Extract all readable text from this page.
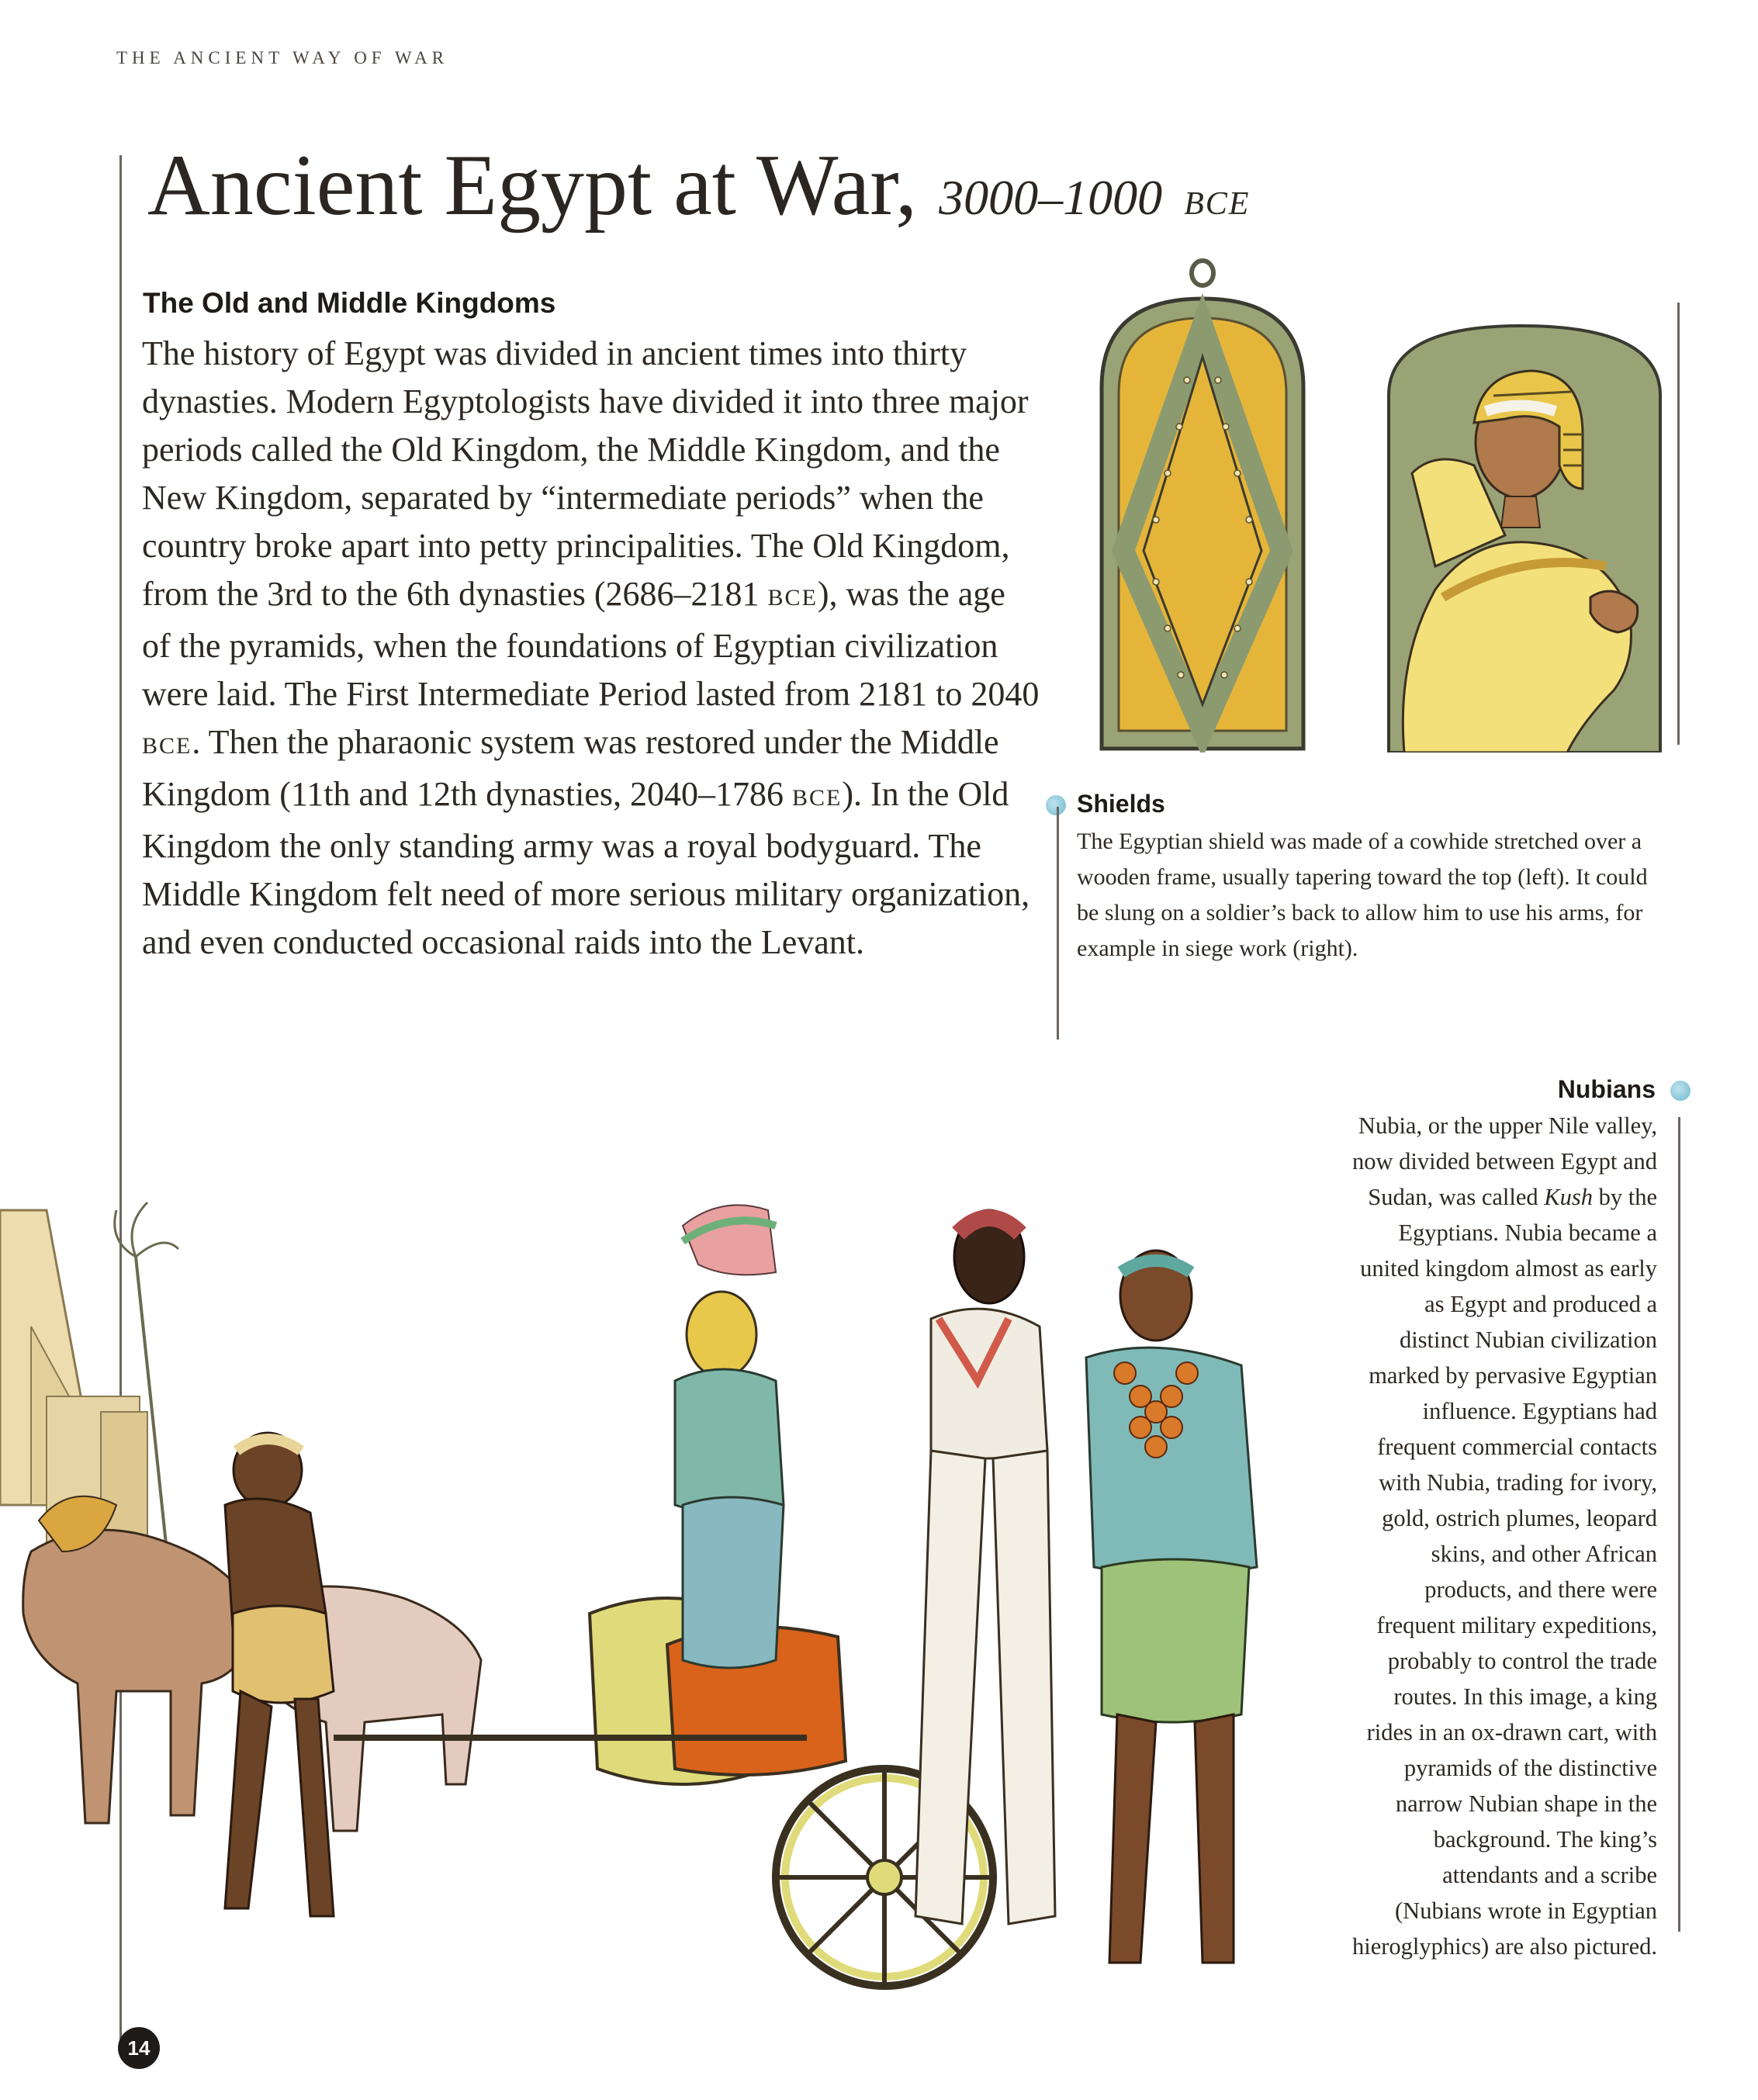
THE ANCIENT WAY OF WAR
Ancient Egypt at War, 3000–1000 BCE
The Old and Middle Kingdoms

The history of Egypt was divided in ancient times into thirty dynasties. Modern Egyptologists have divided it into three major periods called the Old Kingdom, the Middle Kingdom, and the New Kingdom, separated by “intermediate periods” when the country broke apart into petty principalities. The Old Kingdom, from the 3rd to the 6th dynasties (2686–2181 BCE), was the age of the pyramids, when the foundations of Egyptian civilization were laid. The First Intermediate Period lasted from 2181 to 2040 BCE. Then the pharaonic system was restored under the Middle Kingdom (11th and 12th dynasties, 2040–1786 BCE). In the Old Kingdom the only standing army was a royal bodyguard. The Middle Kingdom felt need of more serious military organization, and even conducted occasional raids into the Levant.

Shields

The Egyptian shield was made of a cowhide stretched over a wooden frame, usually tapering toward the top (left). It could be slung on a soldier’s back to allow him to use his arms, for example in siege work (right).

Nubians
Nubia, or the upper Nile valley,
now divided between Egypt and
Sudan, was called Kush by the
Egyptians. Nubia became a
united kingdom almost as early
as Egypt and produced a
distinct Nubian civilization
marked by pervasive Egyptian
influence. Egyptians had
frequent commercial contacts
with Nubia, trading for ivory,
gold, ostrich plumes, leopard
skins, and other African
products, and there were
frequent military expeditions,
probably to control the trade
routes. In this image, a king
rides in an ox-drawn cart, with
pyramids of the distinctive
narrow Nubian shape in the
background. The king’s
attendants and a scribe
(Nubians wrote in Egyptian
hieroglyphics) are also pictured.
14
